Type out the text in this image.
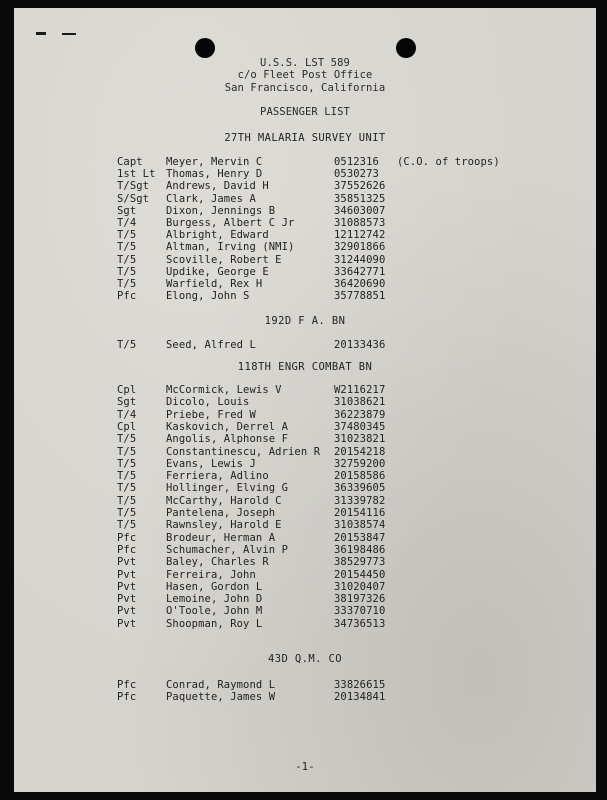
U.S.S. LST 589
c/o Fleet Post Office
San Francisco, California
PASSENGER LIST
27TH MALARIA SURVEY UNIT
Capt Meyer, Mervin C	0512316 (C.O. of troops)
1st Lt Thomas, Henry D	0530273
T/Sgt Andrews, David H	37552626
S/Sgt Clark, James A	35851325
Sgt	Dixon, Jennings B	34603007
T/4	Burgess, Albert C Jr	31088573
T/5	Albright, Edward	12112742
T/5	Altman, Irving (NMI)	32901866
T/5	Scoville, Robert E	31244090
T/5	Updike, George E	33642771
T/5	Warfield, Rex H	36420690
Pfc	Elong, John S	35778851
192D F A. BN
T/5	Seed, Alfred L	20133436
118TH ENGR COMBAT BN
Cpl	McCormick, Lewis V	W2116217
Sgt	Dicolo, Louis	31038621
T/4	Priebe, Fred W	36223879
Cpl	Kaskovich, Derrel A	37480345
T/5	Angolis, Alphonse F	31023821
T/5	Constantinescu, Adrien R 20154218
T/5	Evans, Lewis J	32759200
T/5	Ferriera, Adlino	20158586
T/5	Hollinger, Elving G	36339605
T/5	McCarthy, Harold C	31339782
T/5	Pantelena, Joseph	20154116
T/5	Rawnsley, Harold E	31038574
Pfc	Brodeur, Herman A	20153847
Pfc	Schumacher, Alvin P	36198486
Pvt	Baley, Charles R	38529773
Pvt	Ferreira, John	20154450
Pvt	Hasen, Gordon L	31020407
Pvt	Lemoine, John D	38197326
Pvt	O'Toole, John M	33370710
Pvt	Shoopman, Roy L	34736513
43D Q.M. CO
Pfc	Conrad, Raymond L	33826615
Pfc	Paquette, James W	20134841
-1-
